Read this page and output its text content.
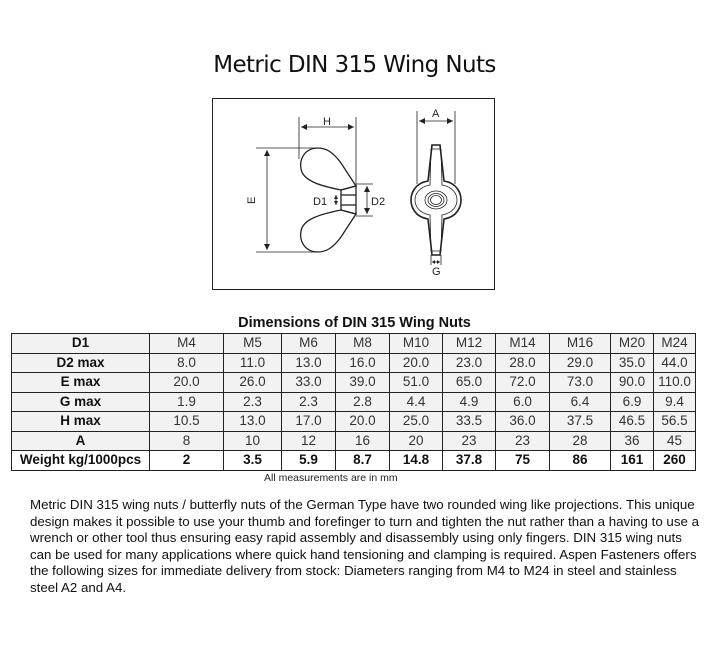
Metric DIN 315 Wing Nuts
H
E	D1	D2
A
G
Dimensions of DIN 315 Wing Nuts
D1	M4	M5	M6	M8	M10	M12	M14	M16	M20	M24
D2 max	8.0	11.0	13.0	16.0	20.0	23.0	28.0	29.0	35.0	44.0
E max	20.0	26.0	33.0	39.0	51.0	65.0	72.0	73.0	90.0	110.0
G max	1.9	2.3	2.3	2.8	4.4	4.9	6.0	6.4	6.9	9.4
H max	10.5	13.0	17.0	20.0	25.0	33.5	36.0	37.5	46.5	56.5
A	8	10	12	16	20	23	23	28	36	45
Weight kg/1000pcs	2	3.5	5.9	8.7	14.8	37.8	75	86	161	260
All measurements are in mm
Metric DIN 315 wing nuts / butterfly nuts of the German Type have two rounded wing like projections. This unique design makes it possible to use your thumb and forefinger to turn and tighten the nut rather than a having to use a wrench or other tool thus ensuring easy rapid assembly and disassembly using only fingers. DIN 315 wing nuts can be used for many applications where quick hand tensioning and clamping is required. Aspen Fasteners offers the following sizes for immediate delivery from stock: Diameters ranging from M4 to M24 in steel and stainless steel A2 and A4.
